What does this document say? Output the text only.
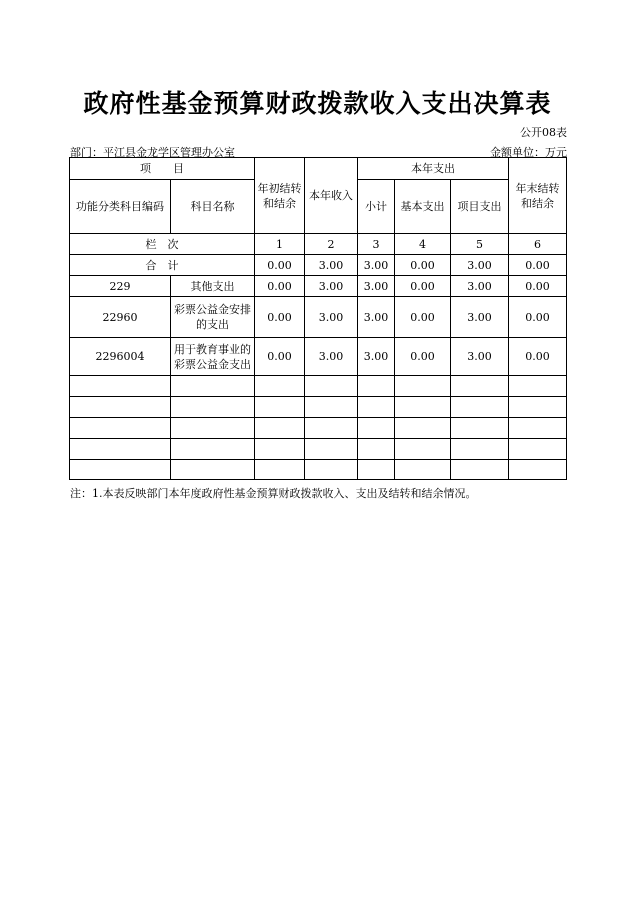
政府性基金预算财政拨款收入支出决算表
公开08表
部门：平江县金龙学区管理办公室	金额单位：万元
项　　目		年初结转和结余	本年收入	本年支出			年末结转和结余
功能分类科目编码	科目名称			小计	基本支出	项目支出	
栏　次		1	2	3	4	5	6
合　计		0.00	3.00	3.00	0.00	3.00	0.00
229	其他支出	0.00	3.00	3.00	0.00	3.00	0.00
22960	彩票公益金安排的支出	0.00	3.00	3.00	0.00	3.00	0.00
2296004	用于教育事业的彩票公益金支出	0.00	3.00	3.00	0.00	3.00	0.00

注：1.本表反映部门本年度政府性基金预算财政拨款收入、支出及结转和结余情况。
